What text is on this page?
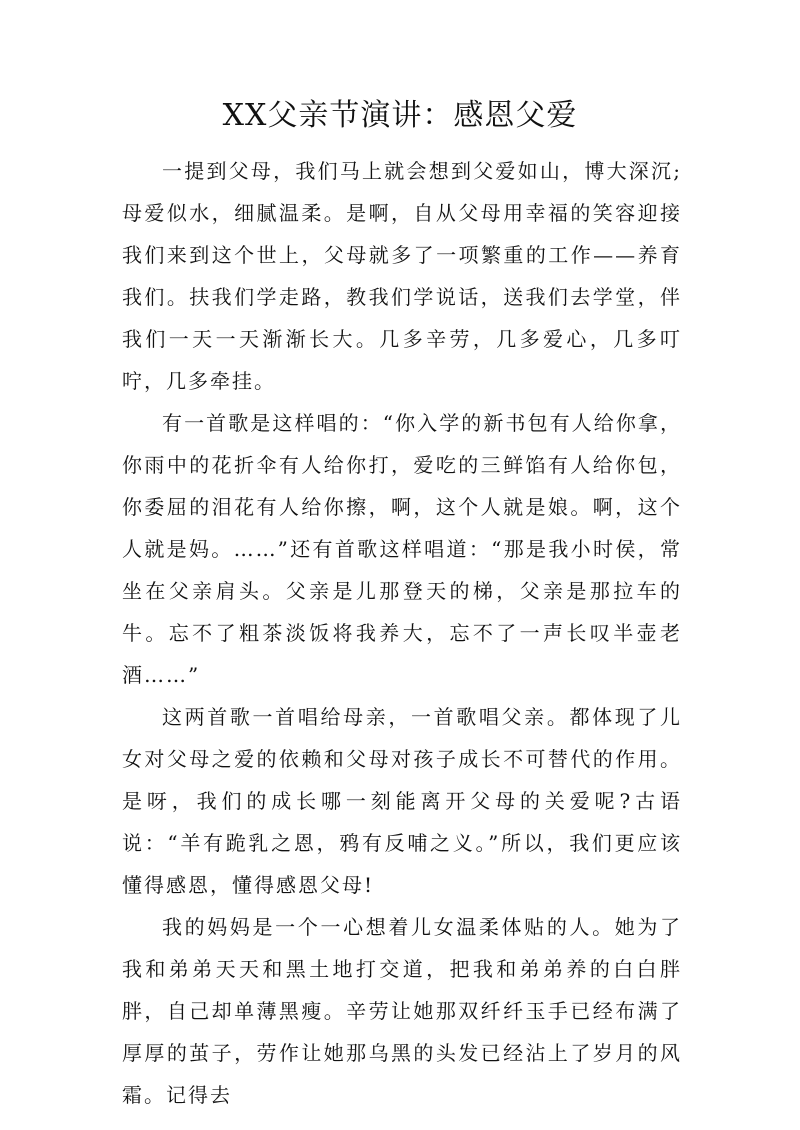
XX父亲节演讲：感恩父爱

一提到父母，我们马上就会想到父爱如山，博大深沉;母爱似水，细腻温柔。是啊，自从父母用幸福的笑容迎接我们来到这个世上，父母就多了一项繁重的工作——养育我们。扶我们学走路，教我们学说话，送我们去学堂，伴我们一天一天渐渐长大。几多辛劳，几多爱心，几多叮咛，几多牵挂。

有一首歌是这样唱的：“你入学的新书包有人给你拿，你雨中的花折伞有人给你打，爱吃的三鲜馅有人给你包，你委屈的泪花有人给你擦，啊，这个人就是娘。啊，这个人就是妈。……”还有首歌这样唱道：“那是我小时侯，常坐在父亲肩头。父亲是儿那登天的梯，父亲是那拉车的牛。忘不了粗茶淡饭将我养大，忘不了一声长叹半壶老酒……”

这两首歌一首唱给母亲，一首歌唱父亲。都体现了儿女对父母之爱的依赖和父母对孩子成长不可替代的作用。是呀，我们的成长哪一刻能离开父母的关爱呢?古语说：“羊有跪乳之恩，鸦有反哺之义。”所以，我们更应该懂得感恩，懂得感恩父母!

我的妈妈是一个一心想着儿女温柔体贴的人。她为了我和弟弟天天和黑土地打交道，把我和弟弟养的白白胖胖，自己却单薄黑瘦。辛劳让她那双纤纤玉手已经布满了厚厚的茧子，劳作让她那乌黑的头发已经沾上了岁月的风霜。记得去
